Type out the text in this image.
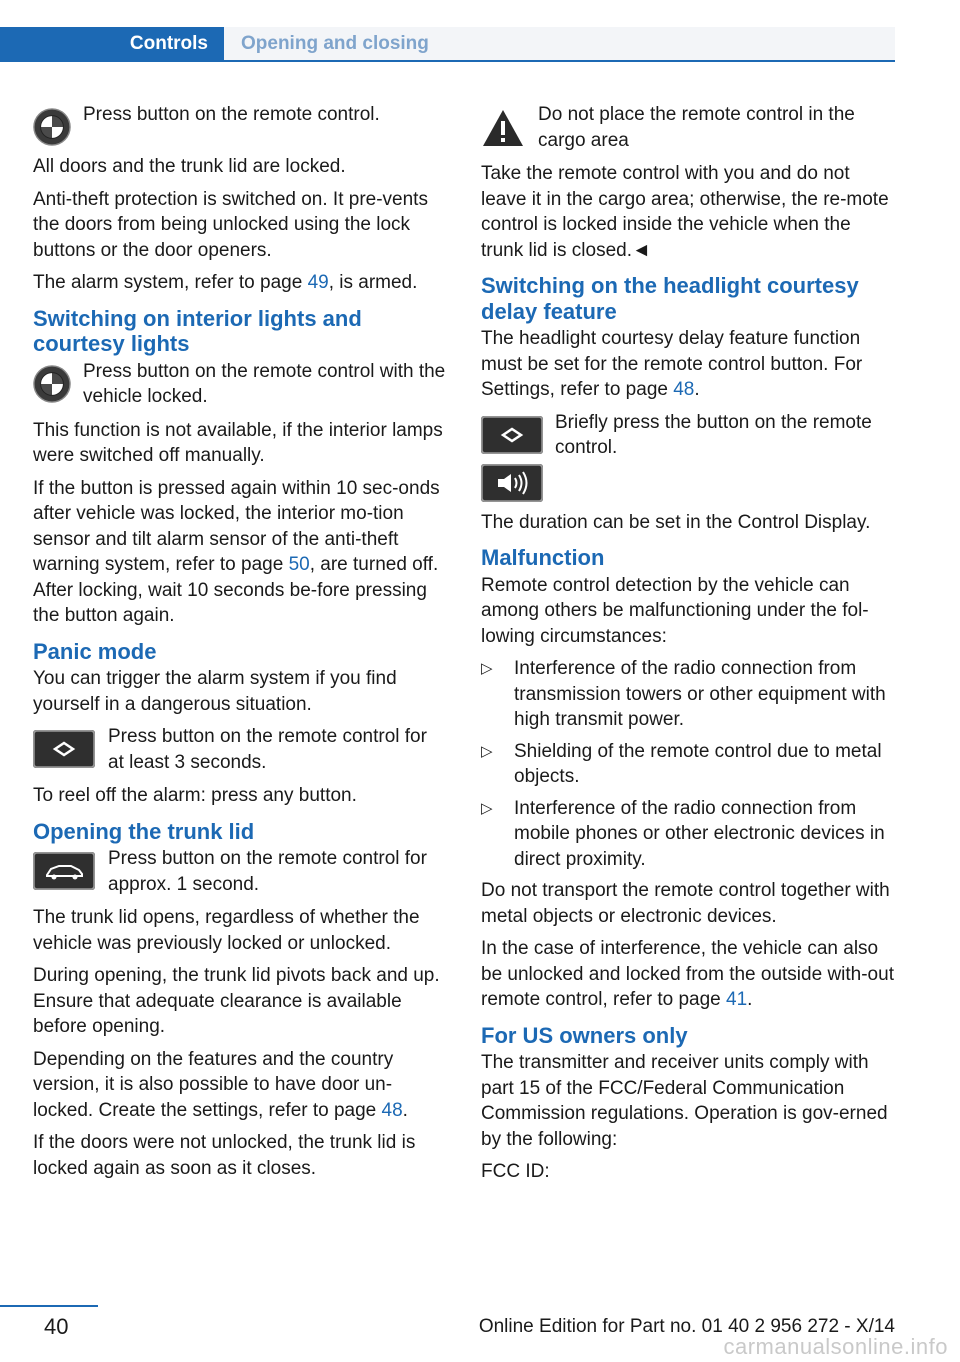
Controls	Opening and closing
Press button on the remote control.

All doors and the trunk lid are locked.

Anti-theft protection is switched on. It pre‐vents the doors from being unlocked using the lock buttons or the door openers.

The alarm system, refer to page 49, is armed.

Switching on interior lights and courtesy lights
Press button on the remote control with the vehicle locked.

This function is not available, if the interior lamps were switched off manually.

If the button is pressed again within 10 sec‐onds after vehicle was locked, the interior mo‐tion sensor and tilt alarm sensor of the anti-theft warning system, refer to page 50, are turned off. After locking, wait 10 seconds be‐fore pressing the button again.

Panic mode

You can trigger the alarm system if you find yourself in a dangerous situation.

Press button on the remote control for at least 3 seconds.

To reel off the alarm: press any button.

Opening the trunk lid
Press button on the remote control for approx. 1 second.

The trunk lid opens, regardless of whether the vehicle was previously locked or unlocked.

During opening, the trunk lid pivots back and up. Ensure that adequate clearance is available before opening.

Depending on the features and the country version, it is also possible to have door un‐locked. Create the settings, refer to page 48.

If the doors were not unlocked, the trunk lid is locked again as soon as it closes.

Do not place the remote control in the cargo area

Take the remote control with you and do not leave it in the cargo area; otherwise, the re‐mote control is locked inside the vehicle when the trunk lid is closed.◄

Switching on the headlight courtesy delay feature

The headlight courtesy delay feature function must be set for the remote control button. For Settings, refer to page 48.

Briefly press the button on the remote control.

The duration can be set in the Control Display.

Malfunction

Remote control detection by the vehicle can among others be malfunctioning under the fol‐lowing circumstances:

▷ Interference of the radio connection from transmission towers or other equipment with high transmit power.
▷ Shielding of the remote control due to metal objects.
▷ Interference of the radio connection from mobile phones or other electronic devices in direct proximity.

Do not transport the remote control together with metal objects or electronic devices.

In the case of interference, the vehicle can also be unlocked and locked from the outside with‐out remote control, refer to page 41.

For US owners only

The transmitter and receiver units comply with part 15 of the FCC/Federal Communication Commission regulations. Operation is gov‐erned by the following:

FCC ID:

40	Online Edition for Part no. 01 40 2 956 272 - X/14
carmanualsonline.info
